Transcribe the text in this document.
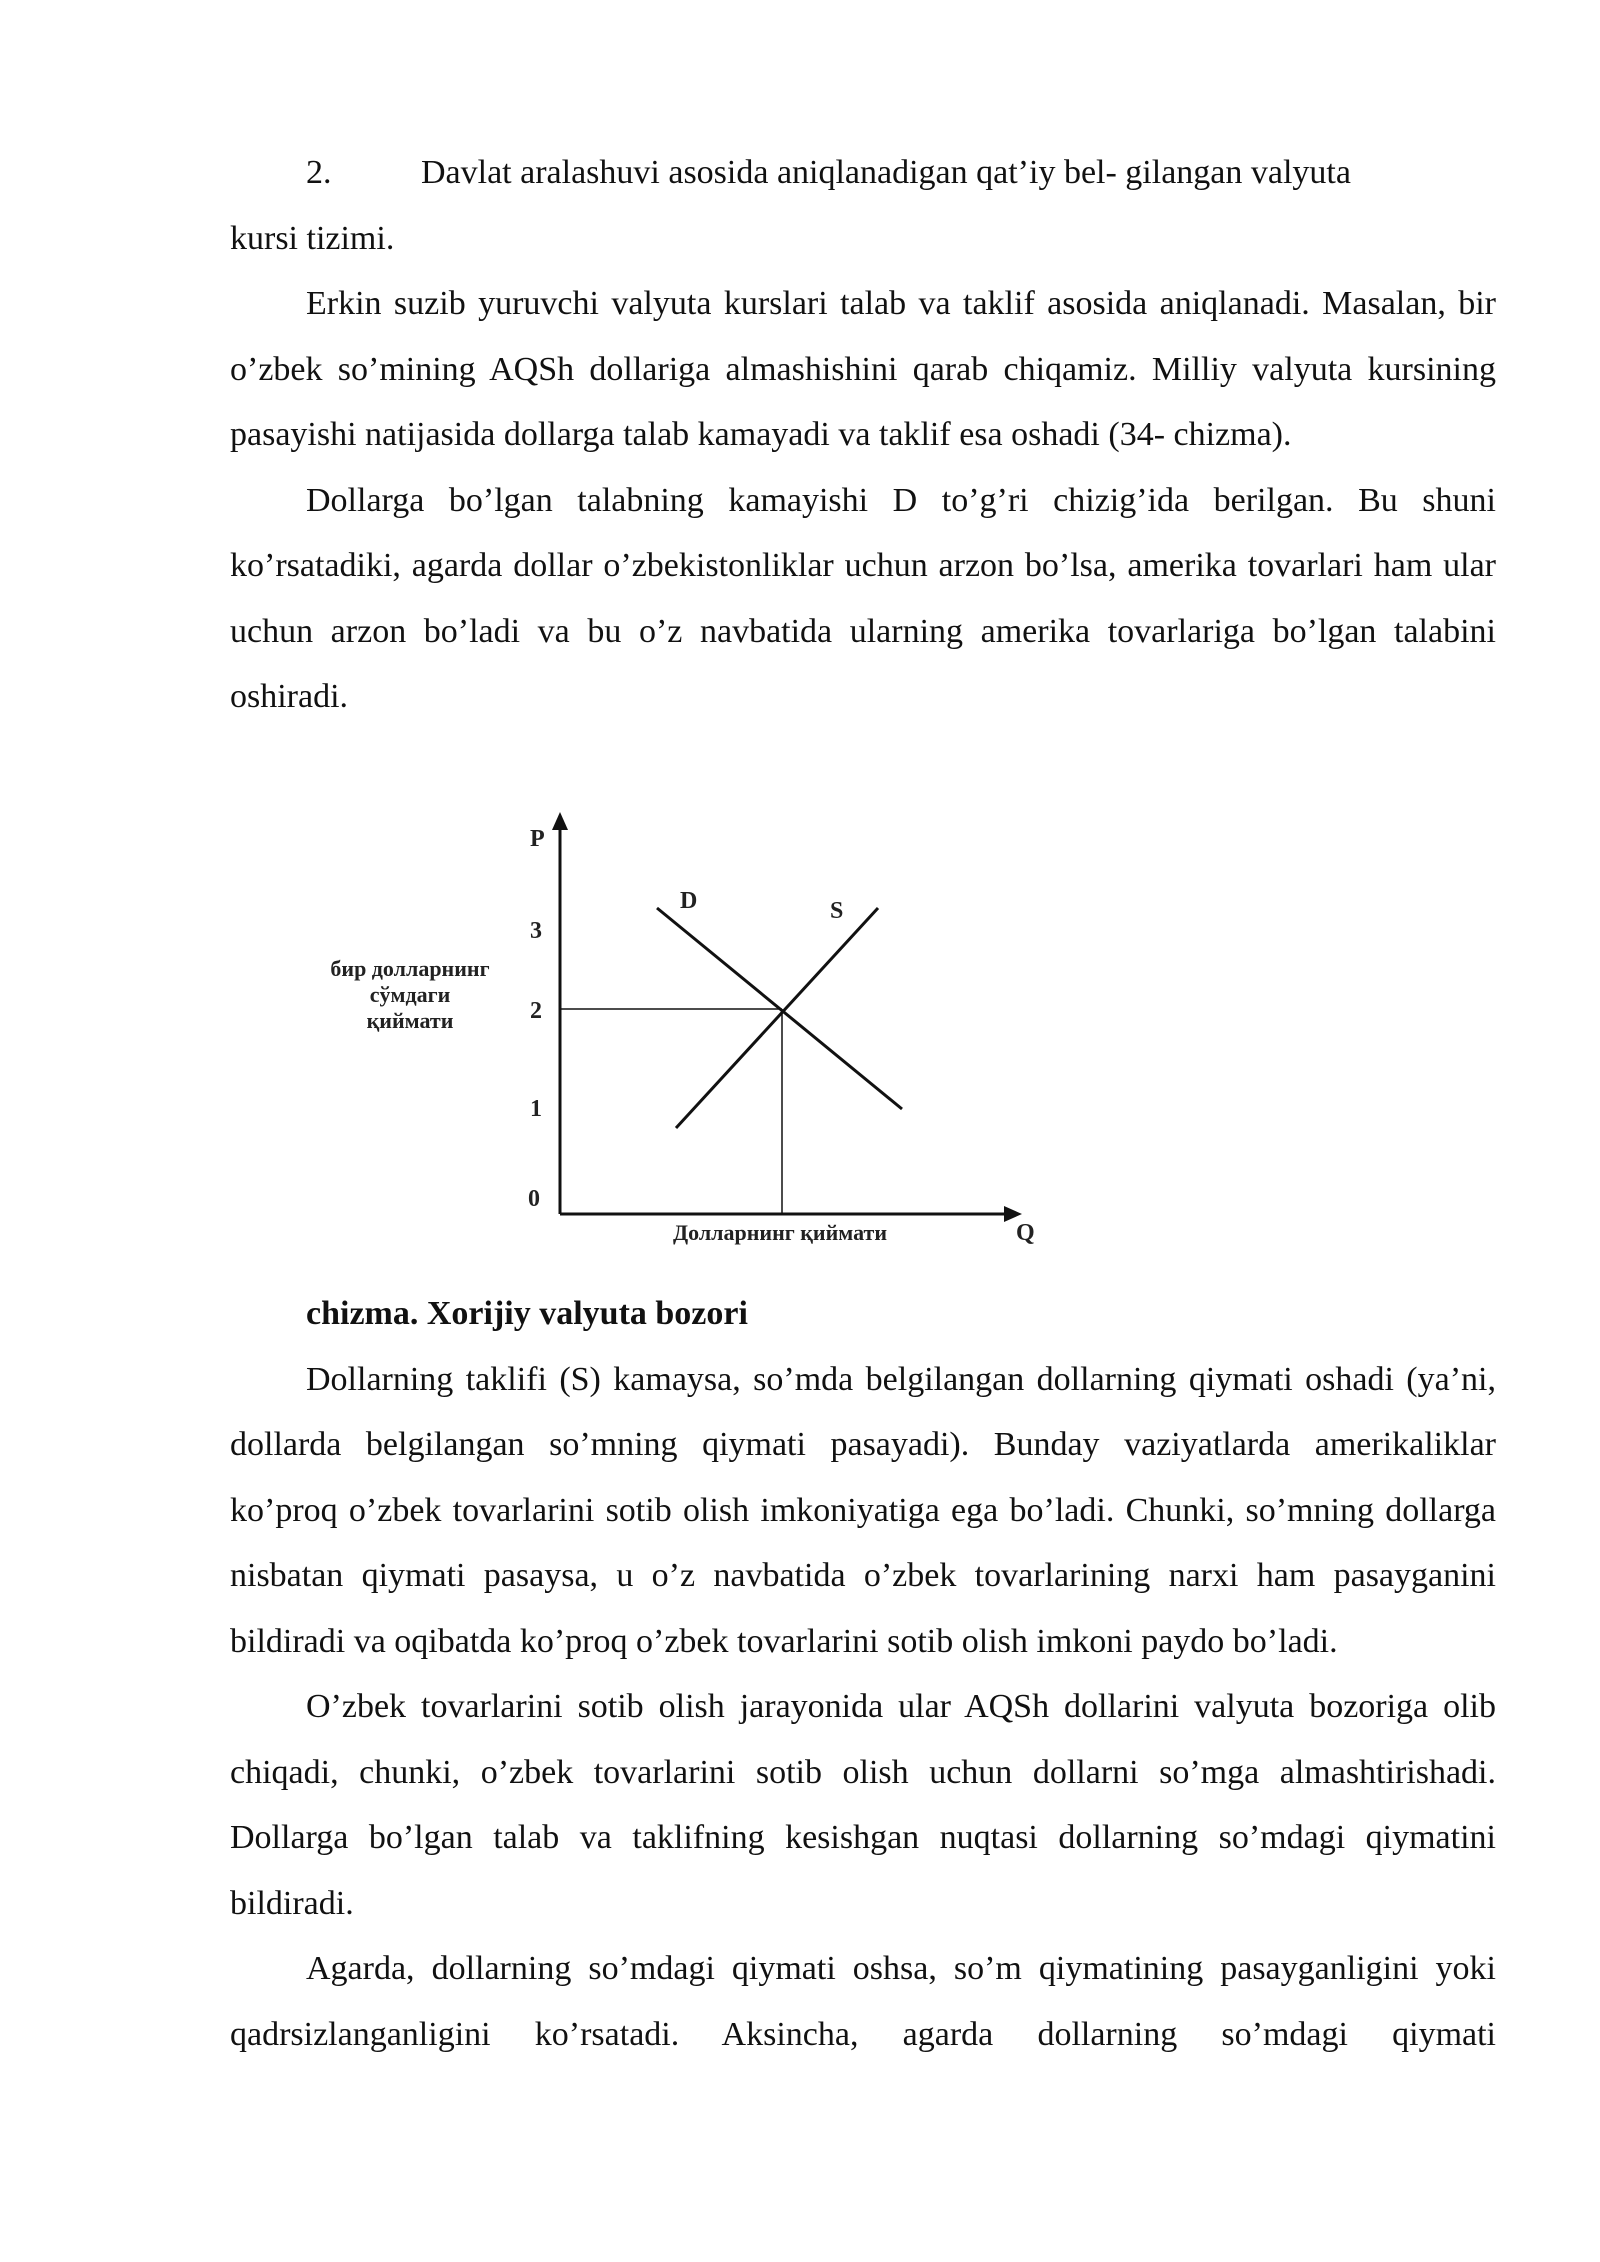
2.	Davlat aralashuvi asosida aniqlanadigan qat’iy bel- gilangan valyuta

kursi tizimi.

Erkin suzib yuruvchi valyuta kurslari talab va taklif asosida aniqlanadi. Masalan, bir o’zbek so’mining AQSh dollariga almashishini qarab chiqamiz. Milliy valyuta kursining pasayishi natijasida dollarga talab kamayadi va taklif esa oshadi (34- chizma).

Dollarga bo’lgan talabning kamayishi D to’g’ri chizig’ida berilgan. Bu shuni ko’rsatadiki, agarda dollar o’zbekistonliklar uchun arzon bo’lsa, amerika tovarlari ham ular uchun arzon bo’ladi va bu o’z navbatida ularning amerika tovarlariga bo’lgan talabini oshiradi.

P
Q
0
1
2
3
D	S
бир долларнинг
сўмдаги
қиймати
Долларнинг қиймати

chizma. Xorijiy valyuta bozori

Dollarning taklifi (S) kamaysa, so’mda belgilangan dollarning qiymati oshadi (ya’ni, dollarda belgilangan so’mning qiymati pasayadi). Bunday vaziyatlarda amerikaliklar ko’proq o’zbek tovarlarini sotib olish imkoniyatiga ega bo’ladi. Chunki, so’mning dollarga nisbatan qiymati pasaysa, u o’z navbatida o’zbek tovarlarining narxi ham pasayganini bildiradi va oqibatda ko’proq o’zbek tovarlarini sotib olish imkoni paydo bo’ladi.

O’zbek tovarlarini sotib olish jarayonida ular AQSh dollarini valyuta bozoriga olib chiqadi, chunki, o’zbek tovarlarini sotib olish uchun dollarni so’mga almashtirishadi. Dollarga bo’lgan talab va taklifning kesishgan nuqtasi dollarning so’mdagi qiymatini bildiradi.

Agarda, dollarning so’mdagi qiymati oshsa, so’m qiymatining pasayganligini yoki qadrsizlanganligini ko’rsatadi. Aksincha, agarda dollarning so’mdagi qiymati
